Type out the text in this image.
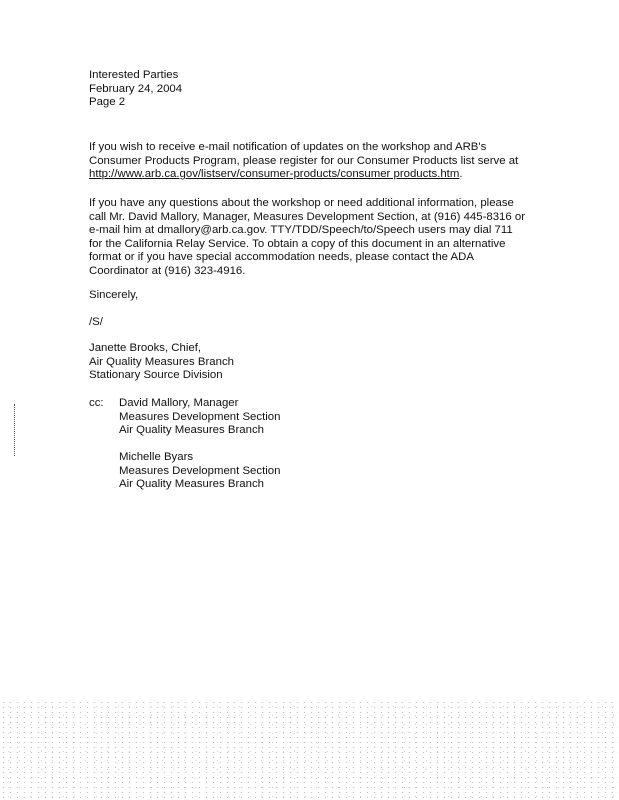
Interested Parties
February 24, 2004
Page 2
If you wish to receive e-mail notification of updates on the workshop and ARB's
Consumer Products Program, please register for our Consumer Products list serve at
http://www.arb.ca.gov/listserv/consumer-products/consumer products.htm.
If you have any questions about the workshop or need additional information, please
call Mr. David Mallory, Manager, Measures Development Section, at (916) 445-8316 or
e-mail him at dmallory@arb.ca.gov. TTY/TDD/Speech/to/Speech users may dial 711
for the California Relay Service. To obtain a copy of this document in an alternative
format or if you have special accommodation needs, please contact the ADA
Coordinator at (916) 323-4916.
Sincerely,
/S/
Janette Brooks, Chief,
Air Quality Measures Branch
Stationary Source Division
cc: David Mallory, Manager
Measures Development Section
Air Quality Measures Branch
Michelle Byars
Measures Development Section
Air Quality Measures Branch
